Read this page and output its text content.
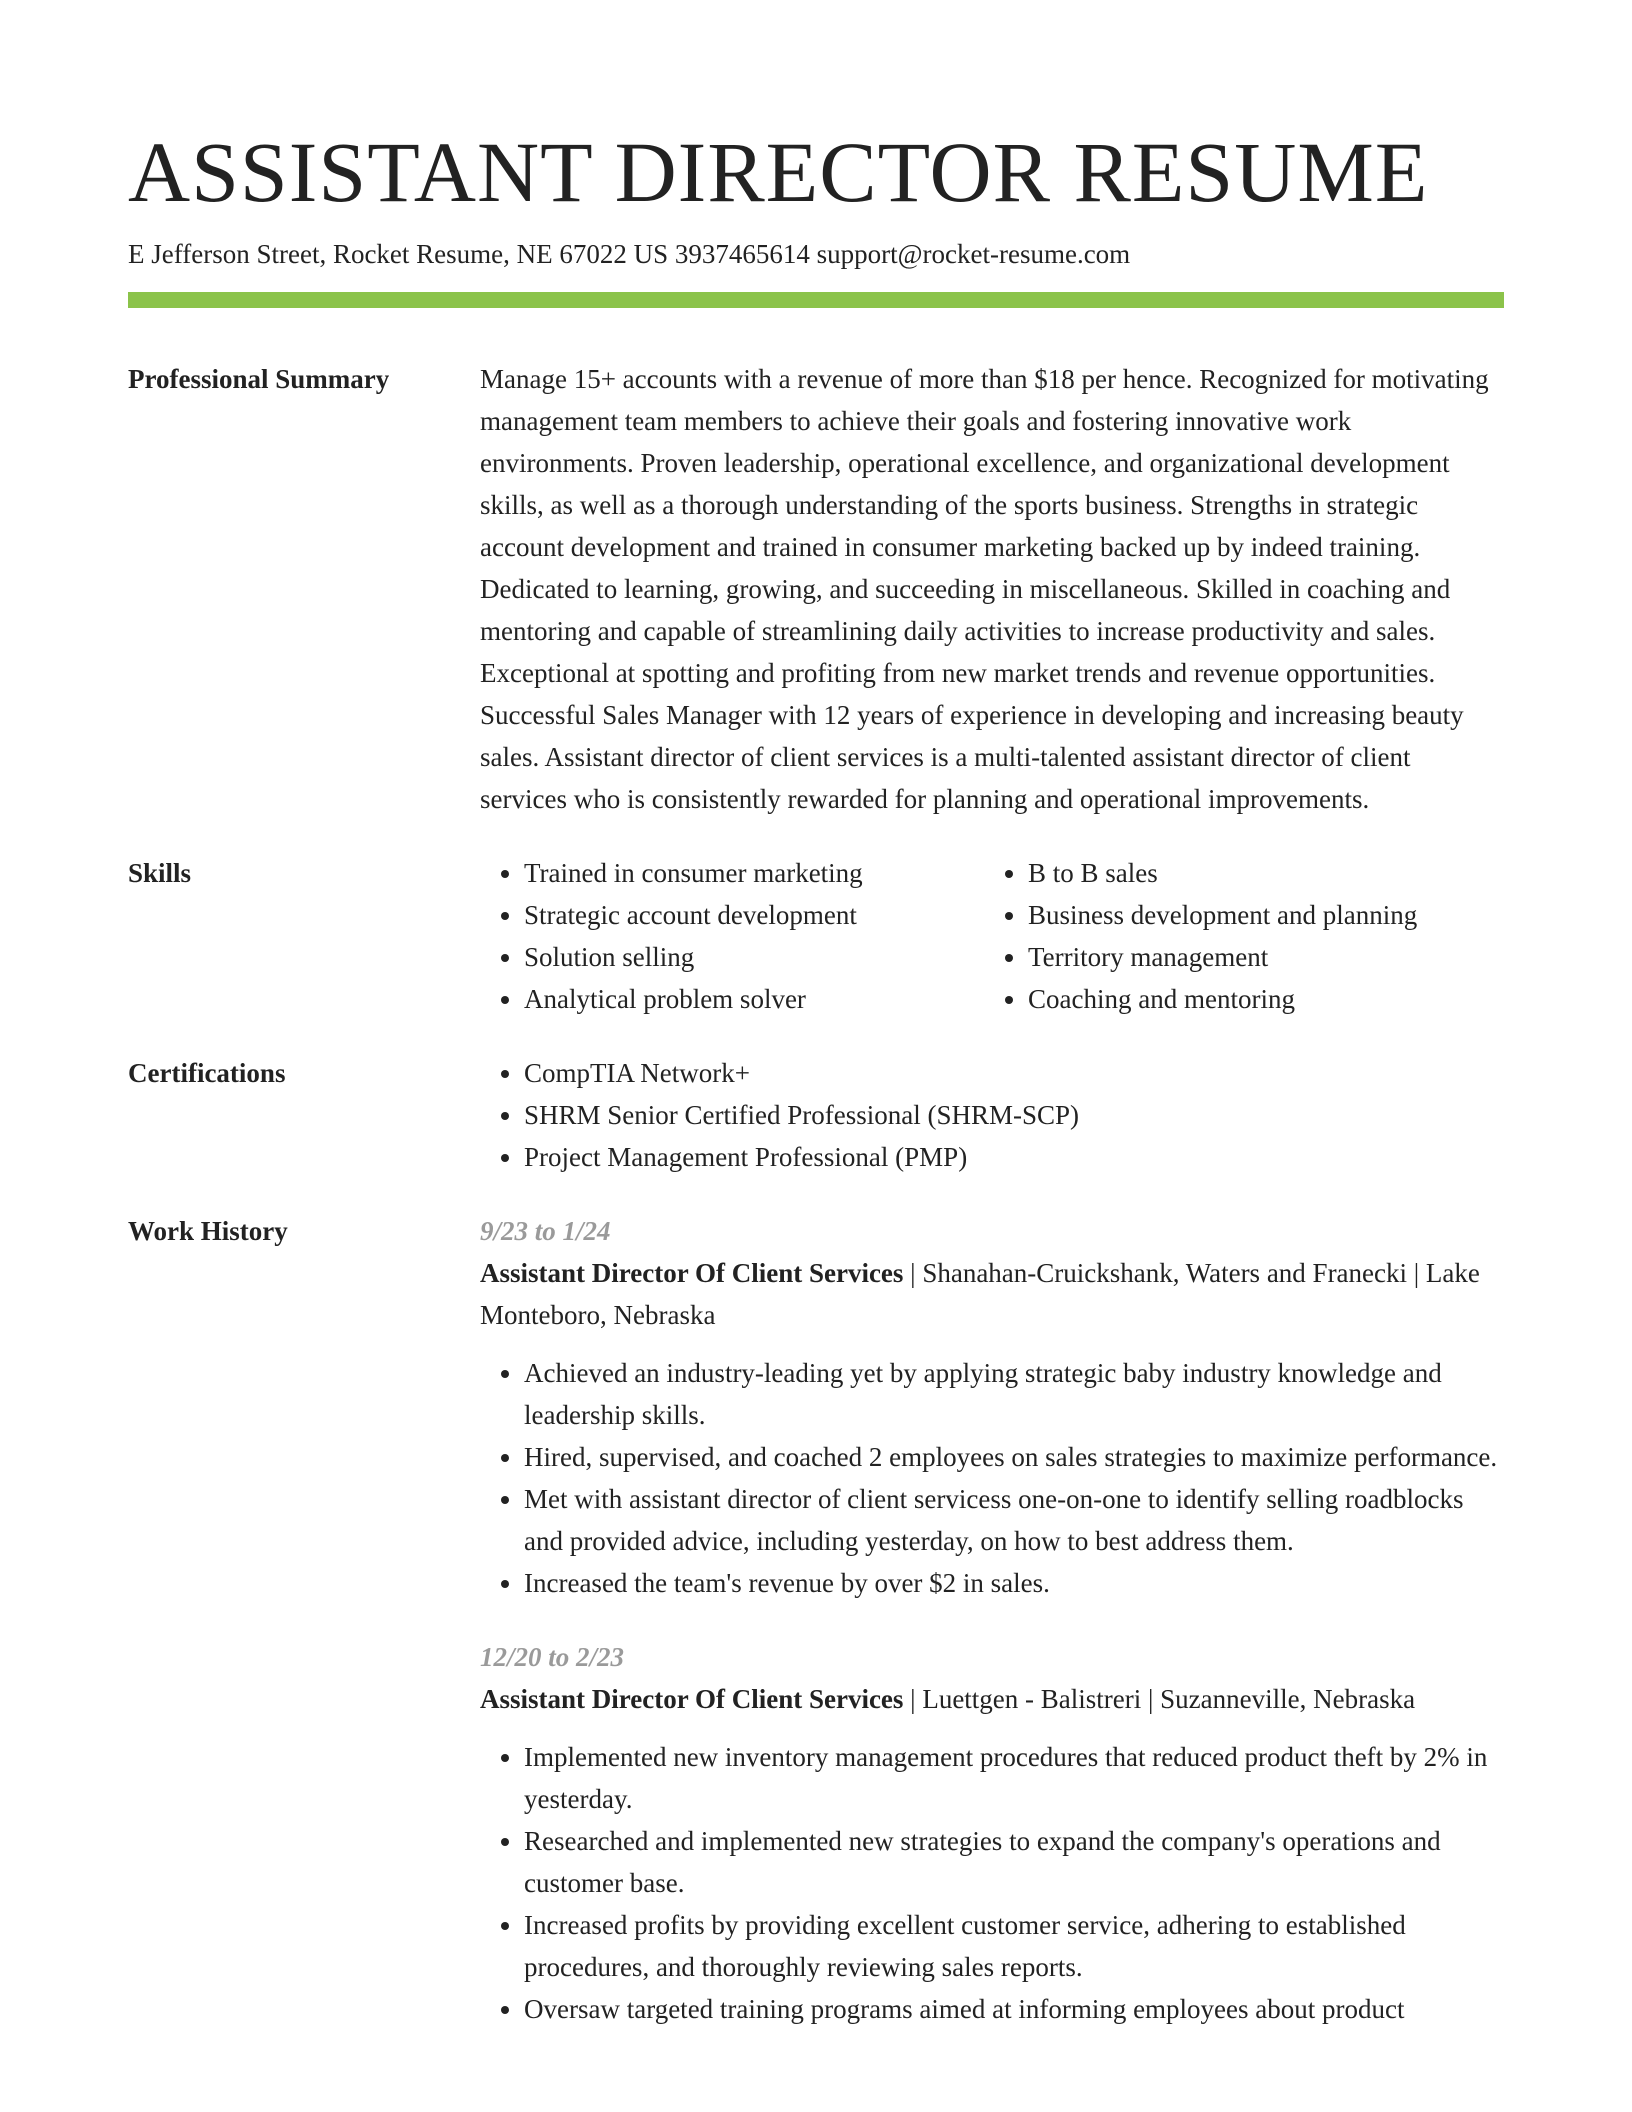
ASSISTANT DIRECTOR RESUME
E Jefferson Street, Rocket Resume, NE 67022 US 3937465614 support@rocket-resume.com
Professional Summary	Manage 15+ accounts with a revenue of more than $18 per hence. Recognized for motivating management team members to achieve their goals and fostering innovative work environments. Proven leadership, operational excellence, and organizational development skills, as well as a thorough understanding of the sports business. Strengths in strategic account development and trained in consumer marketing backed up by indeed training. Dedicated to learning, growing, and succeeding in miscellaneous. Skilled in coaching and mentoring and capable of streamlining daily activities to increase productivity and sales. Exceptional at spotting and profiting from new market trends and revenue opportunities. Successful Sales Manager with 12 years of experience in developing and increasing beauty sales. Assistant director of client services is a multi-talented assistant director of client services who is consistently rewarded for planning and operational improvements.

Skills	• Trained in consumer marketing
• Strategic account development
• Solution selling
• Analytical problem solver
• B to B sales
• Business development and planning
• Territory management
• Coaching and mentoring
Certifications	• CompTIA Network+
• SHRM Senior Certified Professional (SHRM-SCP)
• Project Management Professional (PMP)
Work History	9/23 to 1/24

Assistant Director Of Client Services | Shanahan-Cruickshank, Waters and Franecki | Lake Monteboro, Nebraska

• Achieved an industry-leading yet by applying strategic baby industry knowledge and leadership skills.
• Hired, supervised, and coached 2 employees on sales strategies to maximize performance.
• Met with assistant director of client servicess one-on-one to identify selling roadblocks and provided advice, including yesterday, on how to best address them.
• Increased the team's revenue by over $2 in sales.
12/20 to 2/23

Assistant Director Of Client Services | Luettgen - Balistreri | Suzanneville, Nebraska

• Implemented new inventory management procedures that reduced product theft by 2% in yesterday.
• Researched and implemented new strategies to expand the company's operations and customer base.
• Increased profits by providing excellent customer service, adhering to established procedures, and thoroughly reviewing sales reports.
• Oversaw targeted training programs aimed at informing employees about product
